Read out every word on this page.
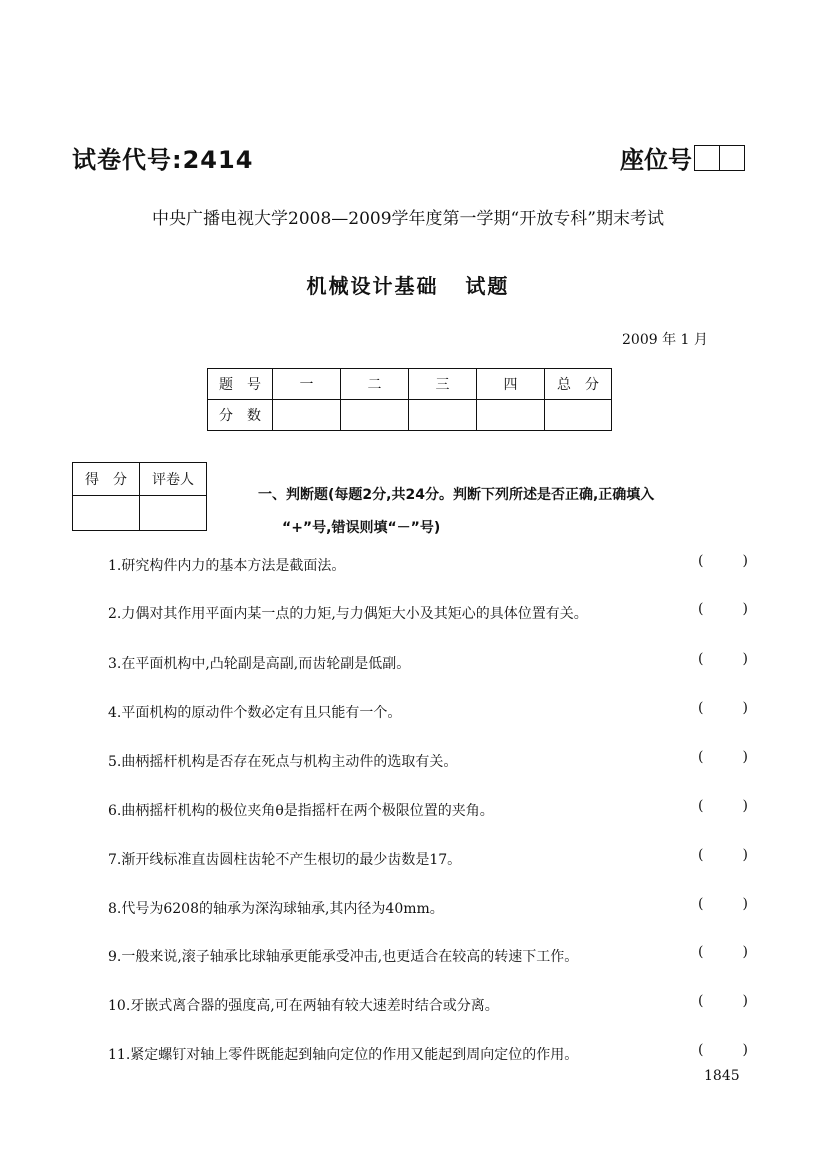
试卷代号:2414	座位号
中央广播电视大学2008—2009学年度第一学期“开放专科”期末考试
机械设计基础   试题
2009 年 1 月
题　号	一	二	三	四	总　分
分　数					
得　分	评卷人

一、判断题(每题2分,共24分。判断下列所述是否正确,正确填入
“+”号,错误则填“－”号)
1.研究构件内力的基本方法是截面法。	(	)
2.力偶对其作用平面内某一点的力矩,与力偶矩大小及其矩心的具体位置有关。	(	)
3.在平面机构中,凸轮副是高副,而齿轮副是低副。	(	)
4.平面机构的原动件个数必定有且只能有一个。	(	)
5.曲柄摇杆机构是否存在死点与机构主动件的选取有关。	(	)
6.曲柄摇杆机构的极位夹角θ是指摇杆在两个极限位置的夹角。	(	)
7.渐开线标准直齿圆柱齿轮不产生根切的最少齿数是17。	(	)
8.代号为6208的轴承为深沟球轴承,其内径为40mm。	(	)
9.一般来说,滚子轴承比球轴承更能承受冲击,也更适合在较高的转速下工作。	(	)
10.牙嵌式离合器的强度高,可在两轴有较大速差时结合或分离。	(	)
11.紧定螺钉对轴上零件既能起到轴向定位的作用又能起到周向定位的作用。	(	)
1845
